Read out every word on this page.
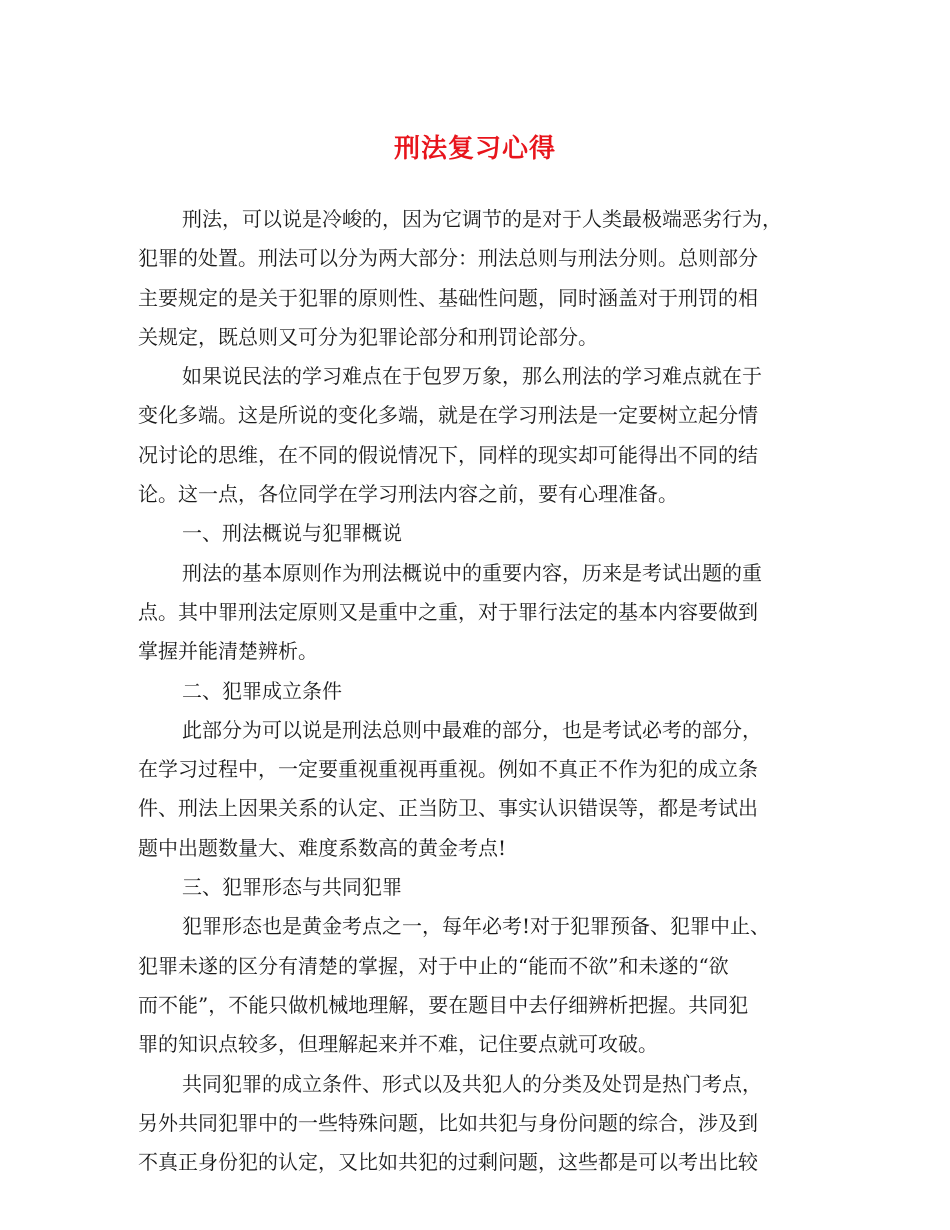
刑法复习心得
刑法，可以说是冷峻的，因为它调节的是对于人类最极端恶劣行为，
犯罪的处置。刑法可以分为两大部分：刑法总则与刑法分则。总则部分
主要规定的是关于犯罪的原则性、基础性问题，同时涵盖对于刑罚的相
关规定，既总则又可分为犯罪论部分和刑罚论部分。
如果说民法的学习难点在于包罗万象，那么刑法的学习难点就在于
变化多端。这是所说的变化多端，就是在学习刑法是一定要树立起分情
况讨论的思维，在不同的假说情况下，同样的现实却可能得出不同的结
论。这一点，各位同学在学习刑法内容之前，要有心理准备。
一、刑法概说与犯罪概说
刑法的基本原则作为刑法概说中的重要内容，历来是考试出题的重
点。其中罪刑法定原则又是重中之重，对于罪行法定的基本内容要做到
掌握并能清楚辨析。
二、犯罪成立条件
此部分为可以说是刑法总则中最难的部分，也是考试必考的部分，
在学习过程中，一定要重视重视再重视。例如不真正不作为犯的成立条
件、刑法上因果关系的认定、正当防卫、事实认识错误等，都是考试出
题中出题数量大、难度系数高的黄金考点!
三、犯罪形态与共同犯罪
犯罪形态也是黄金考点之一，每年必考!对于犯罪预备、犯罪中止、
犯罪未遂的区分有清楚的掌握，对于中止的“能而不欲”和未遂的“欲
而不能”，不能只做机械地理解，要在题目中去仔细辨析把握。共同犯
罪的知识点较多，但理解起来并不难，记住要点就可攻破。
共同犯罪的成立条件、形式以及共犯人的分类及处罚是热门考点，
另外共同犯罪中的一些特殊问题，比如共犯与身份问题的综合，涉及到
不真正身份犯的认定，又比如共犯的过剩问题，这些都是可以考出比较
